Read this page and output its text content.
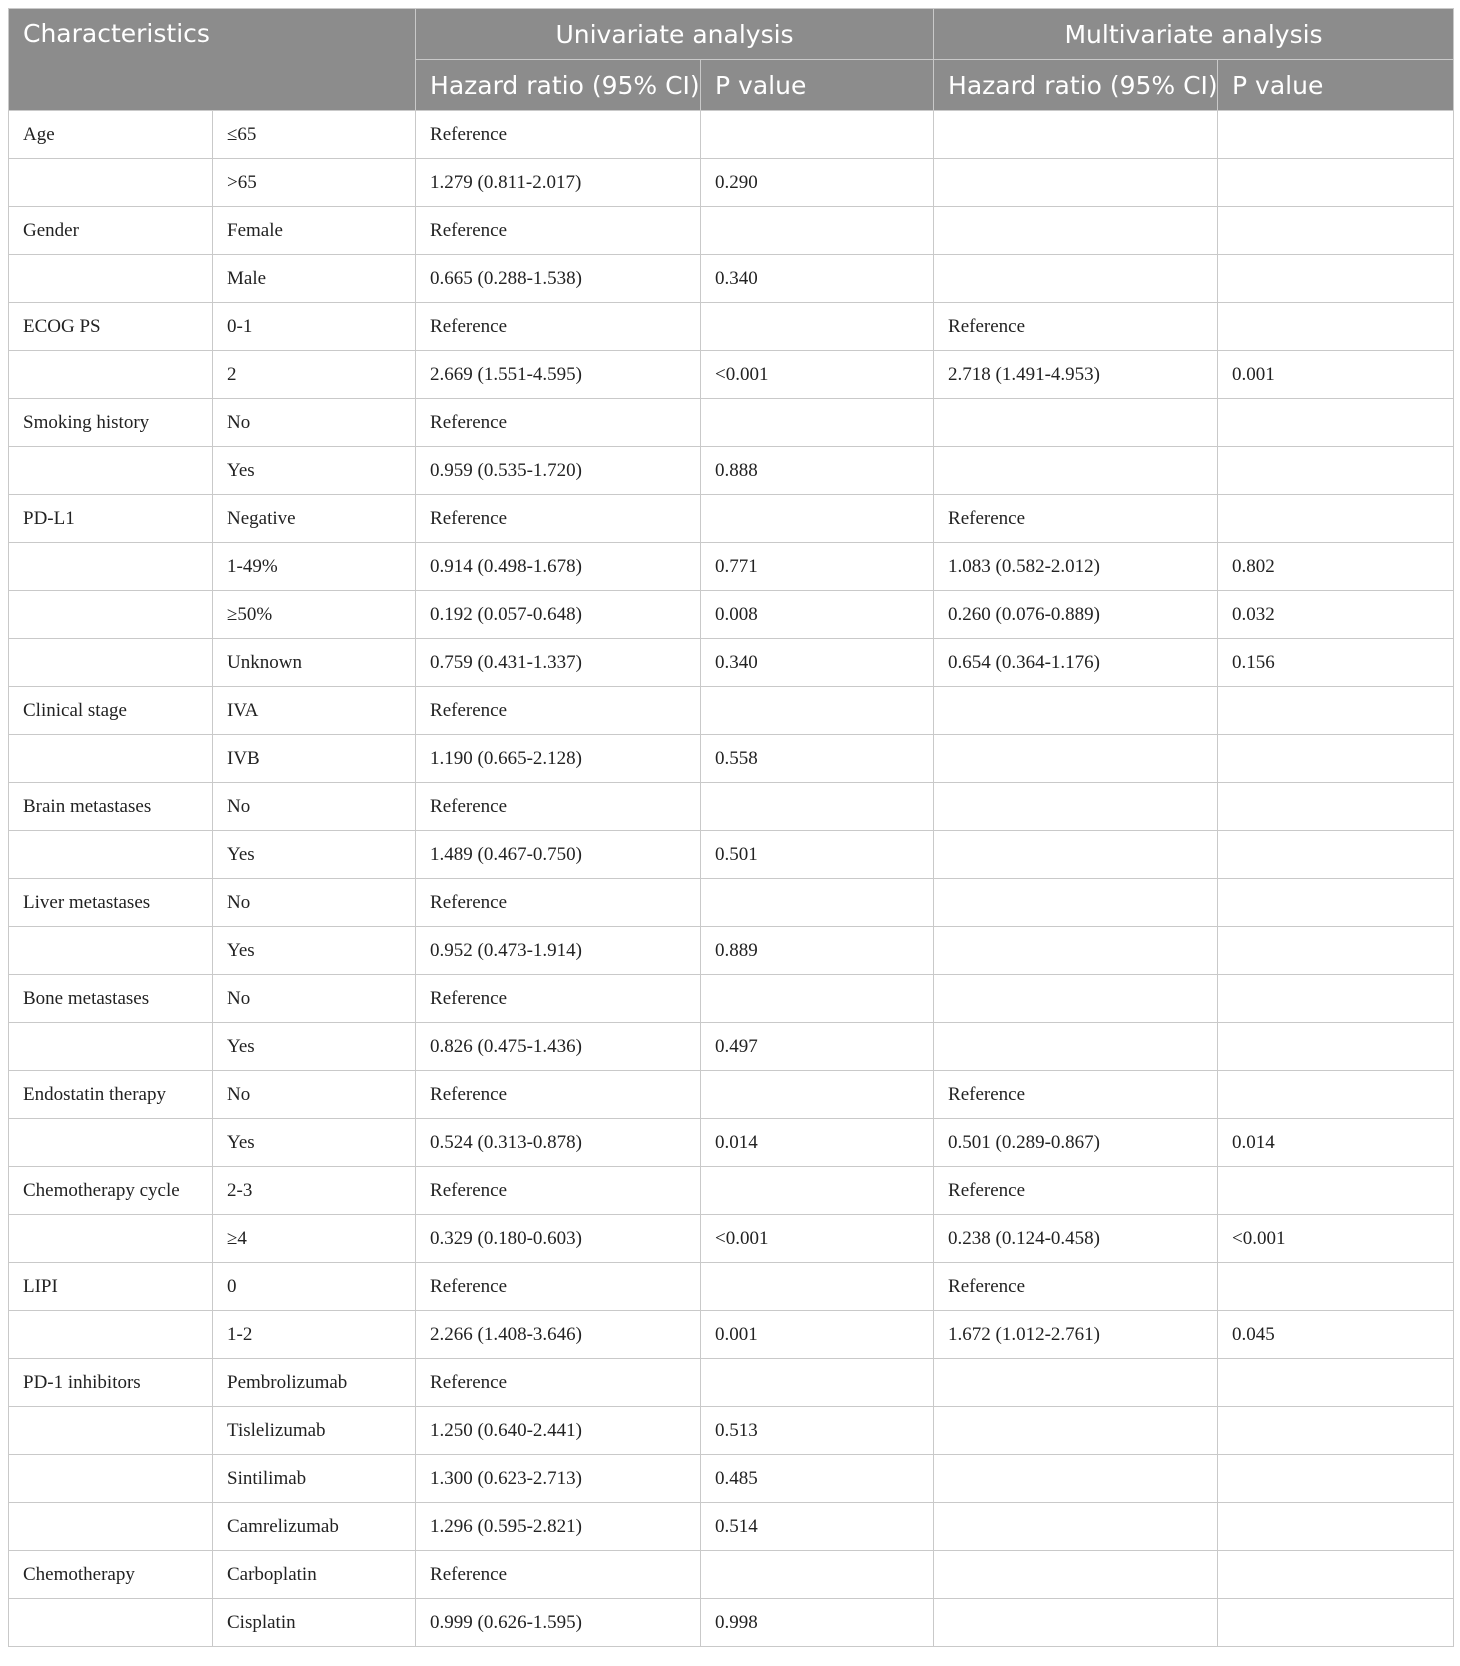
Characteristics		Univariate analysis		Multivariate analysis	
		Hazard ratio (95% CI)	P value	Hazard ratio (95% CI)	P value
Age	≤65	Reference			
	>65	1.279 (0.811-2.017)	0.290		
Gender	Female	Reference			
	Male	0.665 (0.288-1.538)	0.340		
ECOG PS	0-1	Reference		Reference	
	2	2.669 (1.551-4.595)	<0.001	2.718 (1.491-4.953)	0.001
Smoking history	No	Reference			
	Yes	0.959 (0.535-1.720)	0.888		
PD-L1	Negative	Reference		Reference	
	1-49%	0.914 (0.498-1.678)	0.771	1.083 (0.582-2.012)	0.802
	≥50%	0.192 (0.057-0.648)	0.008	0.260 (0.076-0.889)	0.032
	Unknown	0.759 (0.431-1.337)	0.340	0.654 (0.364-1.176)	0.156
Clinical stage	IVA	Reference			
	IVB	1.190 (0.665-2.128)	0.558		
Brain metastases	No	Reference			
	Yes	1.489 (0.467-0.750)	0.501		
Liver metastases	No	Reference			
	Yes	0.952 (0.473-1.914)	0.889		
Bone metastases	No	Reference			
	Yes	0.826 (0.475-1.436)	0.497		
Endostatin therapy	No	Reference		Reference	
	Yes	0.524 (0.313-0.878)	0.014	0.501 (0.289-0.867)	0.014
Chemotherapy cycle	2-3	Reference		Reference	
	≥4	0.329 (0.180-0.603)	<0.001	0.238 (0.124-0.458)	<0.001
LIPI	0	Reference		Reference	
	1-2	2.266 (1.408-3.646)	0.001	1.672 (1.012-2.761)	0.045
PD-1 inhibitors	Pembrolizumab	Reference			
	Tislelizumab	1.250 (0.640-2.441)	0.513		
	Sintilimab	1.300 (0.623-2.713)	0.485		
	Camrelizumab	1.296 (0.595-2.821)	0.514		
Chemotherapy	Carboplatin	Reference			
	Cisplatin	0.999 (0.626-1.595)	0.998		
